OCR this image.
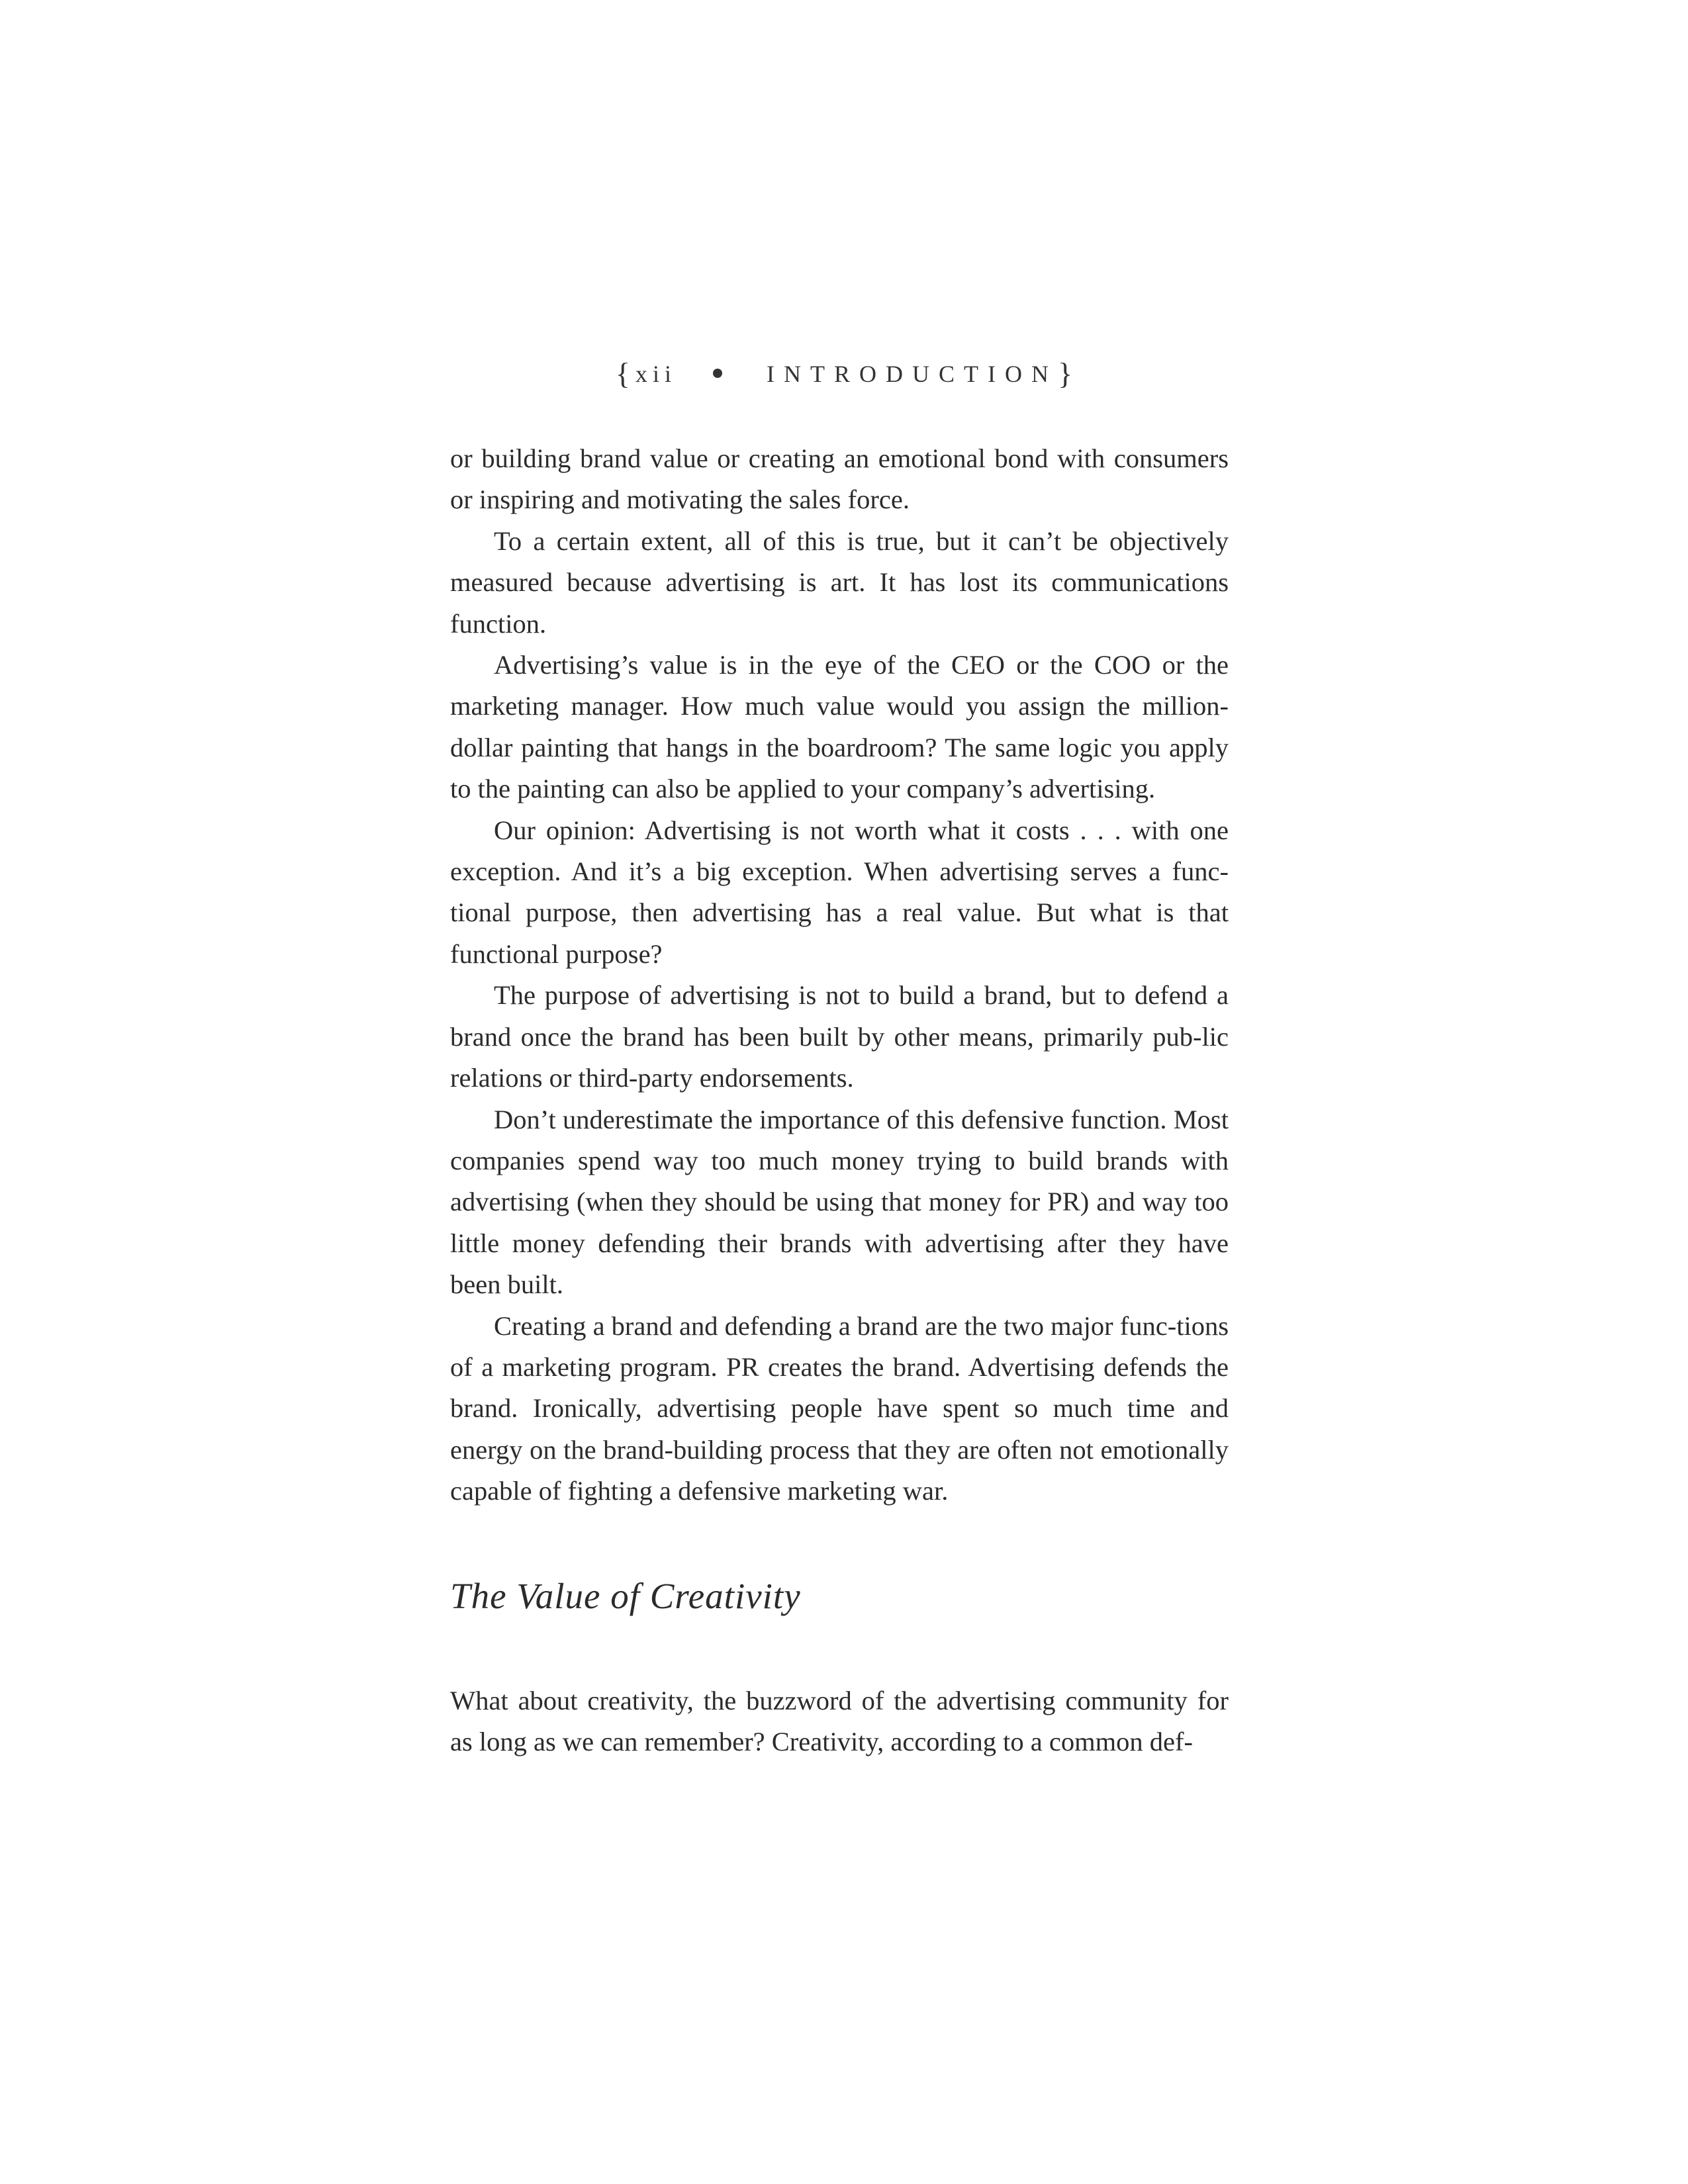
{ xii	INTRODUCTION}

or building brand value or creating an emotional bond with consumers or inspiring and motivating the sales force.

To a certain extent, all of this is true, but it can’t be objectively measured because advertising is art. It has lost its communications function.

Advertising’s value is in the eye of the CEO or the COO or the marketing manager. How much value would you assign the million-dollar painting that hangs in the boardroom? The same logic you apply to the painting can also be applied to your company’s advertising.

Our opinion: Advertising is not worth what it costs . . . with one exception. And it’s a big exception. When advertising serves a func-tional purpose, then advertising has a real value. But what is that functional purpose?

The purpose of advertising is not to build a brand, but to defend a brand once the brand has been built by other means, primarily pub-lic relations or third-party endorsements.

Don’t underestimate the importance of this defensive function. Most companies spend way too much money trying to build brands with advertising (when they should be using that money for PR) and way too little money defending their brands with advertising after they have been built.

Creating a brand and defending a brand are the two major func-tions of a marketing program. PR creates the brand. Advertising defends the brand. Ironically, advertising people have spent so much time and energy on the brand-building process that they are often not emotionally capable of fighting a defensive marketing war.

The Value of Creativity

What about creativity, the buzzword of the advertising community for as long as we can remember? Creativity, according to a common def-
